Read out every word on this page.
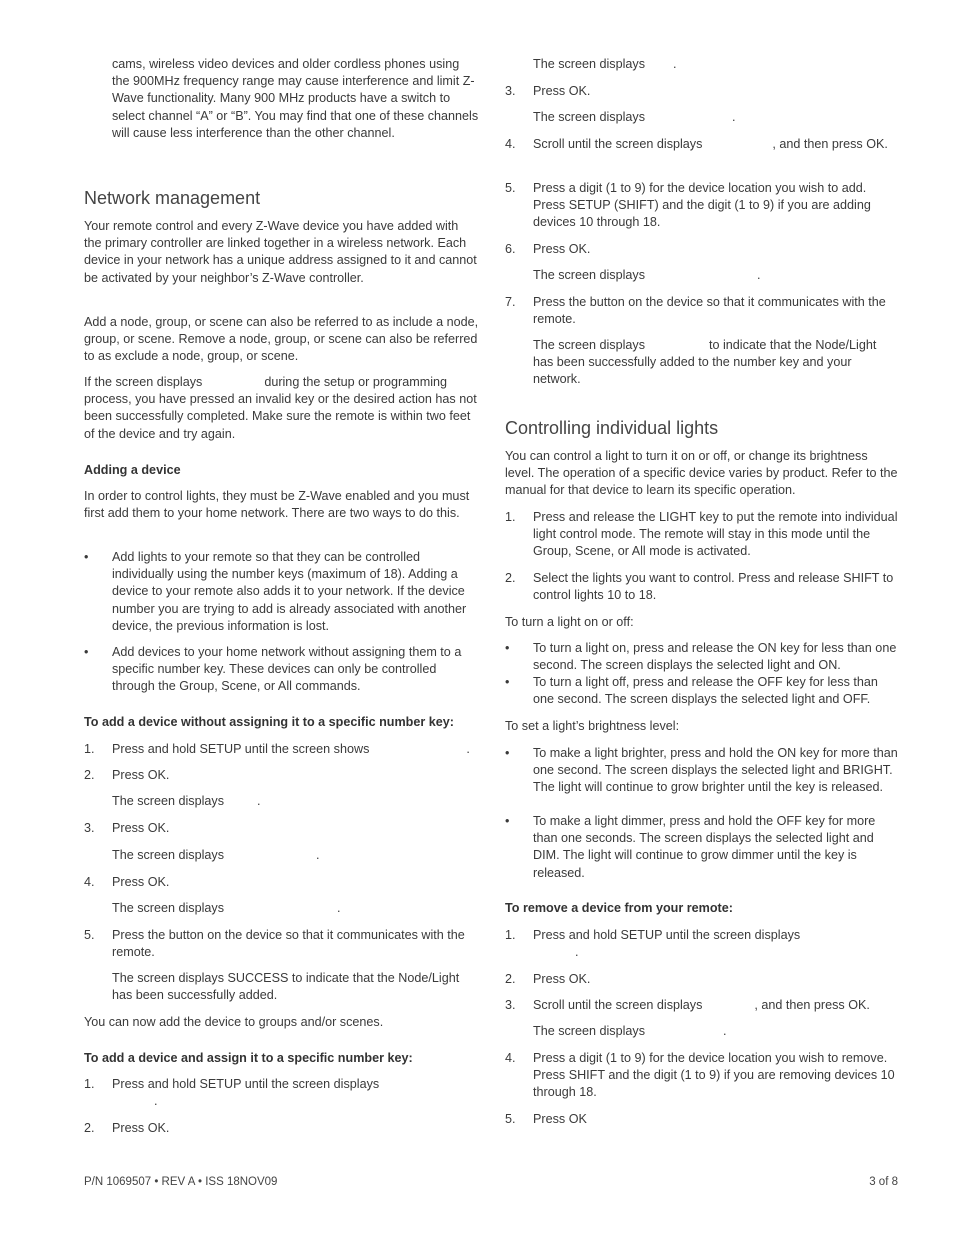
cams, wireless video devices and older cordless phones using the 900MHz frequency range may cause interference and limit Z-Wave functionality. Many 900 MHz products have a switch to select channel “A” or “B”. You may find that one of these channels will cause less interference than the other channel.

Network management

Your remote control and every Z-Wave device you have added with the primary controller are linked together in a wireless network. Each device in your network has a unique address assigned to it and cannot be activated by your neighbor’s Z-Wave controller.

Add a node, group, or scene can also be referred to as include a node, group, or scene. Remove a node, group, or scene can also be referred to as exclude a node, group, or scene.

If the screen displays	during the setup or programming process, you have pressed an invalid key or the desired action has not been successfully completed. Make sure the remote is within two feet of the device and try again.

Adding a device

In order to control lights, they must be Z-Wave enabled and you must first add them to your home network. There are two ways to do this.

•	Add lights to your remote so that they can be controlled individually using the number keys (maximum of 18). Adding a device to your remote also adds it to your network. If the device number you are trying to add is already associated with another device, the previous information is lost.
•	Add devices to your home network without assigning them to a specific number key. These devices can only be controlled through the Group, Scene, or All commands.

To add a device without assigning it to a specific number key:

1.	Press and hold SETUP until the screen shows	.
2.	Press OK.

The screen displays	.

3.	Press OK.

The screen displays	.

4.	Press OK.

The screen displays	.

5.	Press the button on the device so that it communicates with the remote.

The screen displays SUCCESS to indicate that the Node/Light has been successfully added.

You can now add the device to groups and/or scenes.

To add a device and assign it to a specific number key:

1.	Press and hold SETUP until the screen displays
.
2.	Press OK.

The screen displays .

3.	Press OK.

The screen displays	.

4.	Scroll until the screen displays	, and then press OK.
5.	Press a digit (1 to 9) for the device location you wish to add. Press SETUP (SHIFT) and the digit (1 to 9) if you are adding devices 10 through 18.
6.	Press OK.

The screen displays	.

7.	Press the button on the device so that it communicates with the remote.

The screen displays	to indicate that the Node/Light has been successfully added to the number key and your network.

Controlling individual lights

You can control a light to turn it on or off, or change its brightness level. The operation of a specific device varies by product. Refer to the manual for that device to learn its specific operation.

1.	Press and release the LIGHT key to put the remote into individual light control mode. The remote will stay in this mode until the Group, Scene, or All mode is activated.
2.	Select the lights you want to control. Press and release SHIFT to control lights 10 to 18.

To turn a light on or off:

•	To turn a light on, press and release the ON key for less than one second. The screen displays the selected light and ON.
•	To turn a light off, press and release the OFF key for less than one second. The screen displays the selected light and OFF.

To set a light’s brightness level:

•	To make a light brighter, press and hold the ON key for more than one second. The screen displays the selected light and BRIGHT. The light will continue to grow brighter until the key is released.
•	To make a light dimmer, press and hold the OFF key for more than one seconds. The screen displays the selected light and DIM. The light will continue to grow dimmer until the key is released.

To remove a device from your remote:

1.	Press and hold SETUP until the screen displays
.
2.	Press OK.
3.	Scroll until the screen displays	, and then press OK.

The screen displays	.

4.	Press a digit (1 to 9) for the device location you wish to remove. Press SHIFT and the digit (1 to 9) if you are removing devices 10 through 18.
5.	Press OK
P/N 1069507 • REV A • ISS 18NOV09	3 of 8
